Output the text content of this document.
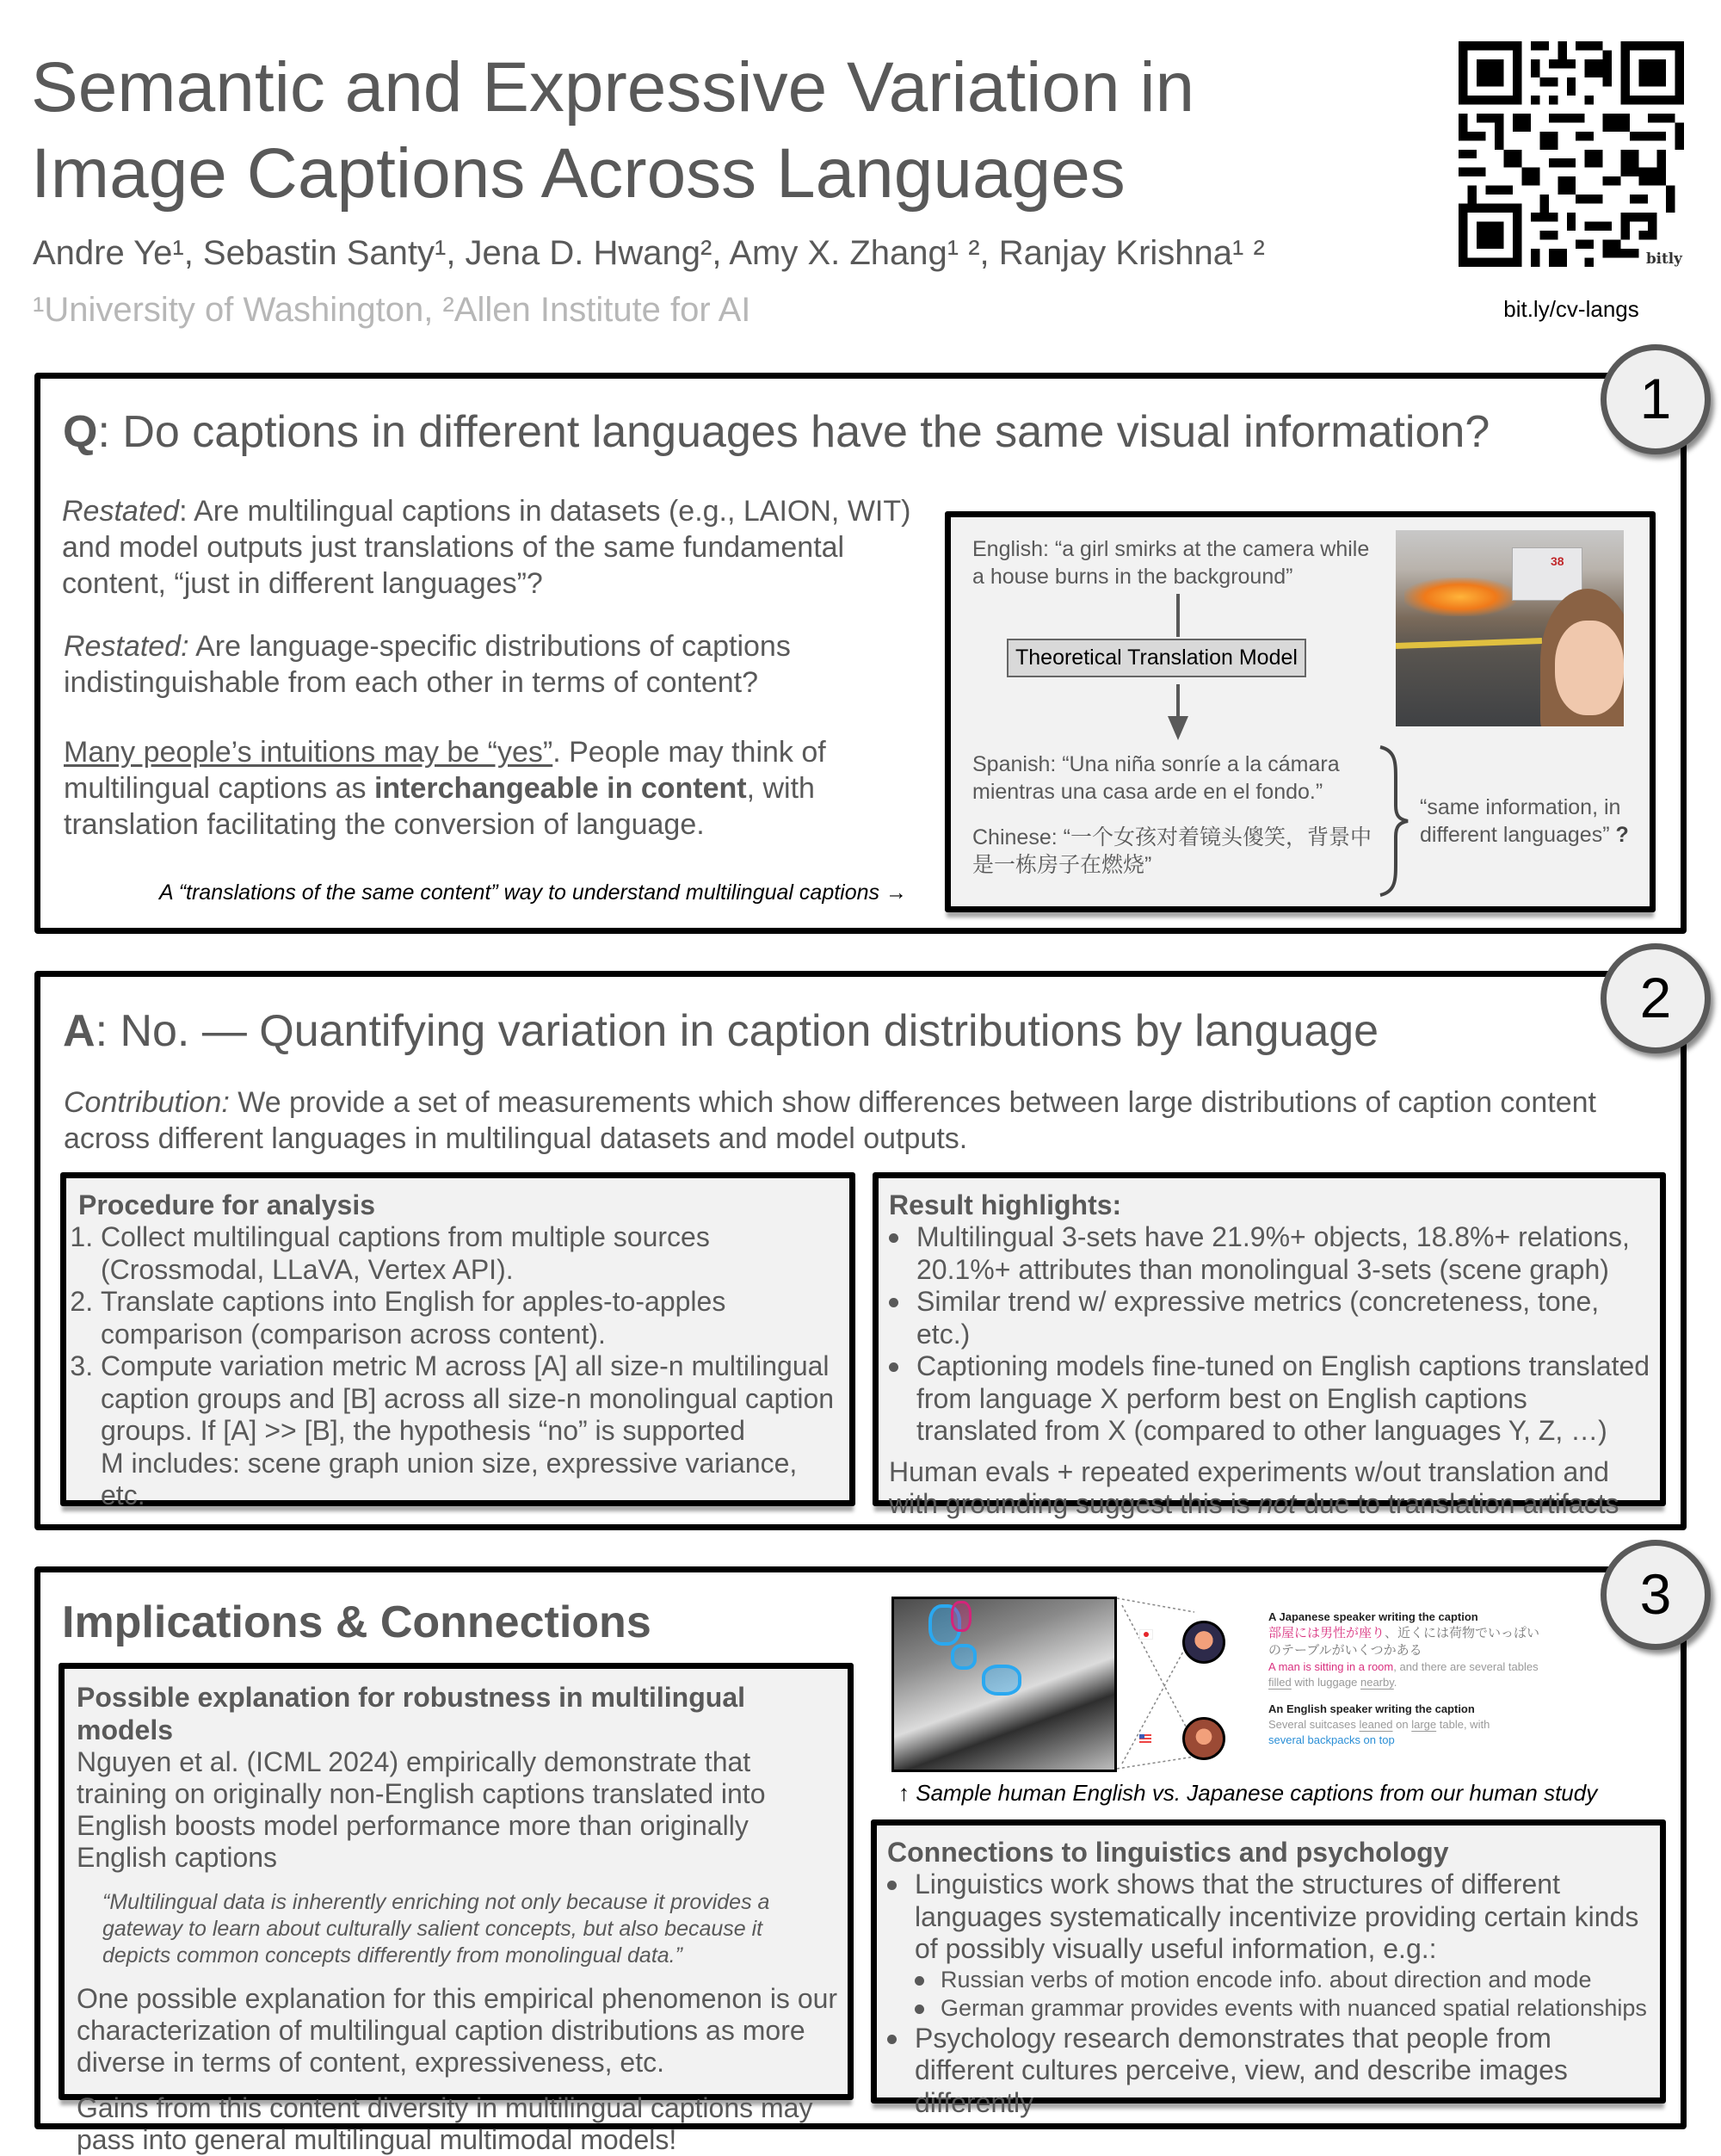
Semantic and Expressive Variation in
Image Captions Across Languages
Andre Ye¹, Sebastin Santy¹, Jena D. Hwang², Amy X. Zhang¹ ², Ranjay Krishna¹ ²
¹University of Washington, ²Allen Institute for AI
bitly
bit.ly/cv-langs
Q: Do captions in different languages have the same visual information?
Restated: Are multilingual captions in datasets (e.g., LAION, WIT) and model outputs just translations of the same fundamental content, “just in different languages”?
Restated: Are language-specific distributions of captions indistinguishable from each other in terms of content?
Many people’s intuitions may be “yes”. People may think of multilingual captions as interchangeable in content, with translation facilitating the conversion of language.
A “translations of the same content” way to understand multilingual captions →
English: “a girl smirks at the camera while a house burns in the background”
Theoretical Translation Model
Spanish: “Una niña sonríe a la cámara mientras una casa arde en el fondo.”
Chinese: “一个女孩对着镜头傻笑，背景中是一栋房子在燃烧”
“same information, in different languages” ?
38
1
A: No. — Quantifying variation in caption distributions by language
Contribution: We provide a set of measurements which show differences between large distributions of caption content across different languages in multilingual datasets and model outputs.
Procedure for analysis
1. Collect multilingual captions from multiple sources (Crossmodal, LLaVA, Vertex API).
2. Translate captions into English for apples-to-apples comparison (comparison across content).
3. Compute variation metric M across [A] all size-n multilingual caption groups and [B] across all size-n monolingual caption groups. If [A] >> [B], the hypothesis “no” is supported
M includes: scene graph union size, expressive variance, etc.
Result highlights:
Multilingual 3-sets have 21.9%+ objects, 18.8%+ relations, 20.1%+ attributes than monolingual 3-sets (scene graph)
Similar trend w/ expressive metrics (concreteness, tone, etc.)
Captioning models fine-tuned on English captions translated from language X perform best on English captions translated from X (compared to other languages Y, Z, …)
Human evals + repeated experiments w/out translation and with grounding suggest this is not due to translation artifacts
2
Implications & Connections
Possible explanation for robustness in multilingual models
Nguyen et al. (ICML 2024) empirically demonstrate that training on originally non-English captions translated into English boosts model performance more than originally English captions
“Multilingual data is inherently enriching not only because it provides a gateway to learn about culturally salient concepts, but also because it depicts common concepts differently from monolingual data.”
One possible explanation for this empirical phenomenon is our characterization of multilingual caption distributions as more diverse in terms of content, expressiveness, etc.
Gains from this content diversity in multilingual captions may pass into general multilingual multimodal models!
A Japanese speaker writing the caption
部屋には男性が座り、近くには荷物でいっぱいのテーブルがいくつかある
A man is sitting in a room, and there are several tables filled with luggage nearby.
An English speaker writing the caption
Several suitcases leaned on large table, with
several backpacks on top
↑ Sample human English vs. Japanese captions from our human study
Connections to linguistics and psychology
Linguistics work shows that the structures of different languages systematically incentivize providing certain kinds of possibly visually useful information, e.g.:
Russian verbs of motion encode info. about direction and mode
German grammar provides events with nuanced spatial relationships
Psychology research demonstrates that people from different cultures perceive, view, and describe images differently
3
